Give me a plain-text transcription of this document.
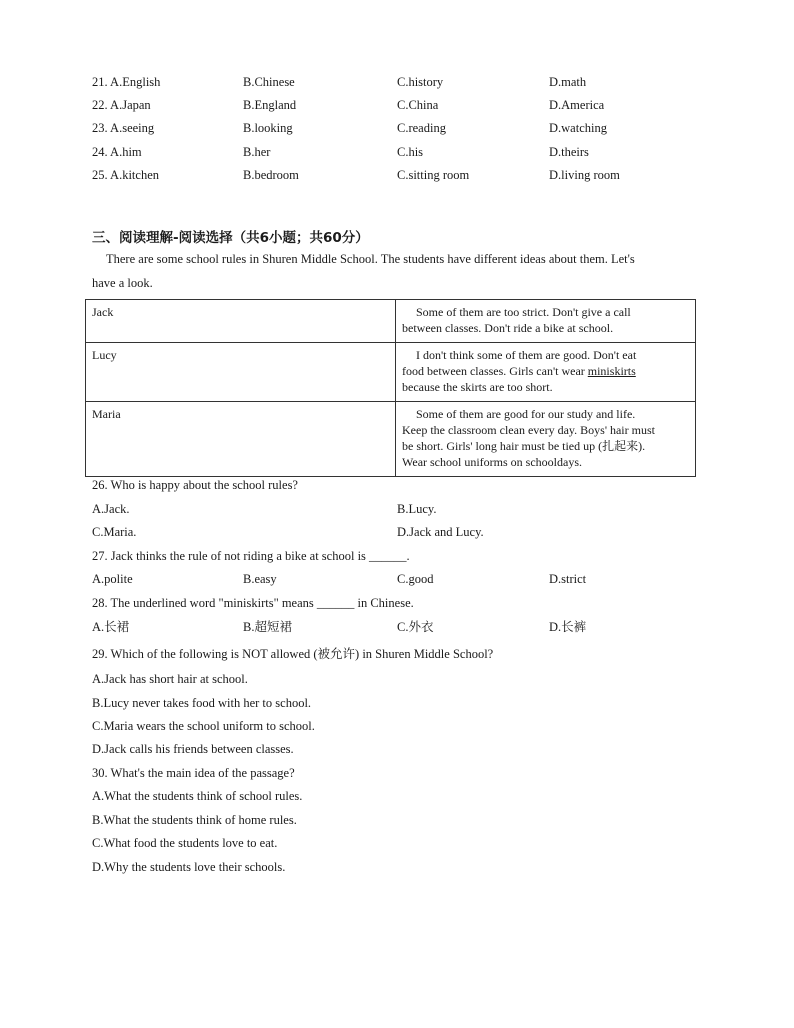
21. A.English	B.Chinese	C.history	D.math
22. A.Japan	B.England	C.China	D.America
23. A.seeing	B.looking	C.reading	D.watching
24. A.him	B.her	C.his	D.theirs
25. A.kitchen	B.bedroom	C.sitting room	D.living room
三、阅读理解-阅读选择（共6小题；共60分）
There are some school rules in Shuren Middle School. The students have different ideas about them. Let's
have a look.
Jack	Some of them are too strict. Don't give a call
between classes. Don't ride a bike at school.

Lucy	I don't think some of them are good. Don't eat
food between classes. Girls can't wear miniskirts
because the skirts are too short.

Maria	Some of them are good for our study and life.
Keep the classroom clean every day. Boys' hair must
be short. Girls' long hair must be tied up (扎起来).
Wear school uniforms on schooldays.
26. Who is happy about the school rules?
A.Jack.	B.Lucy.
C.Maria.	D.Jack and Lucy.
27. Jack thinks the rule of not riding a bike at school is ______.
A.polite	B.easy	C.good	D.strict
28. The underlined word "miniskirts" means ______ in Chinese.
A.长裙	B.超短裙	C.外衣	D.长裤
29. Which of the following is NOT allowed (被允许) in Shuren Middle School?
A.Jack has short hair at school.
B.Lucy never takes food with her to school.
C.Maria wears the school uniform to school.
D.Jack calls his friends between classes.
30. What's the main idea of the passage?
A.What the students think of school rules.
B.What the students think of home rules.
C.What food the students love to eat.
D.Why the students love their schools.
